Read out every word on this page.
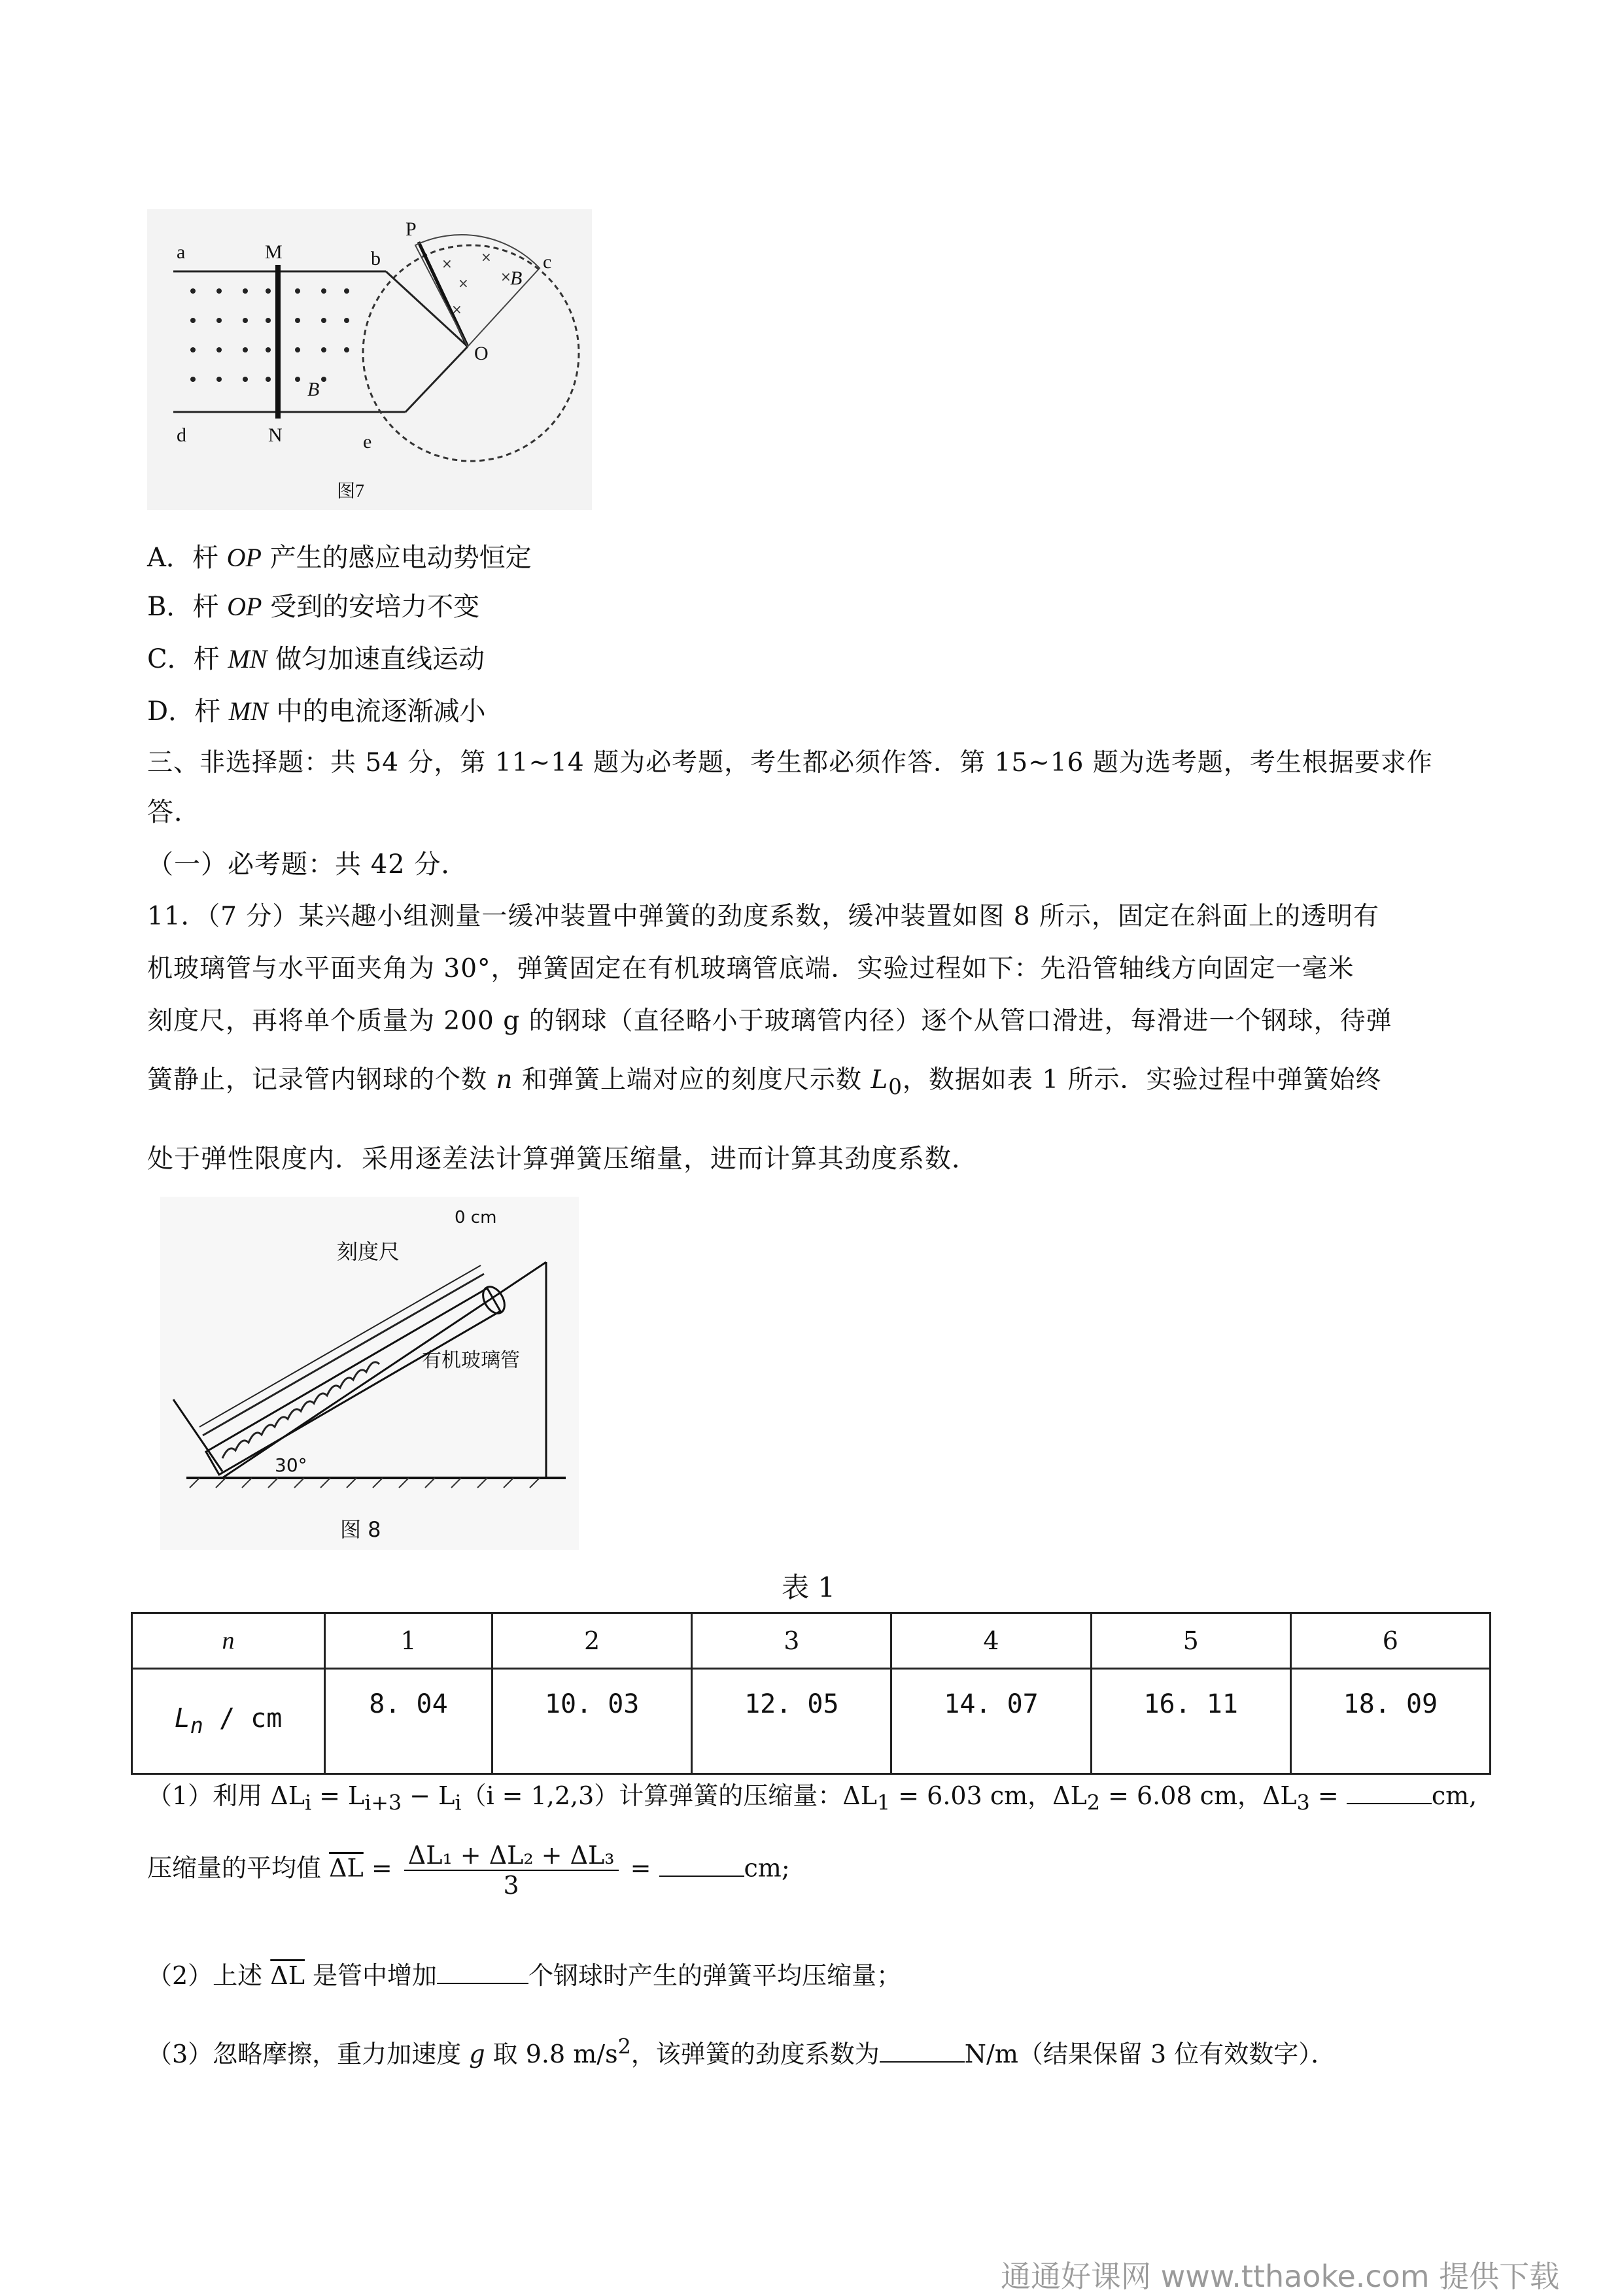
×
×
×
×
×
a	M
d	N
b
P
c
O
e
B
B
图7
A．杆 OP 产生的感应电动势恒定
B．杆 OP 受到的安培力不变
C．杆 MN 做匀加速直线运动
D．杆 MN 中的电流逐渐减小
三、非选择题：共 54 分，第 11~14 题为必考题，考生都必须作答．第 15~16 题为选考题，考生根据要求作
答．
（一）必考题：共 42 分．
11．（7 分）某兴趣小组测量一缓冲装置中弹簧的劲度系数，缓冲装置如图 8 所示，固定在斜面上的透明有
机玻璃管与水平面夹角为 30°，弹簧固定在有机玻璃管底端．实验过程如下：先沿管轴线方向固定一毫米
刻度尺，再将单个质量为 200 g 的钢球（直径略小于玻璃管内径）逐个从管口滑进，每滑进一个钢球，待弹
簧静止，记录管内钢球的个数 n 和弹簧上端对应的刻度尺示数 $L_0$，数据如表 1 所示．实验过程中弹簧始终
处于弹性限度内．采用逐差法计算弹簧压缩量，进而计算其劲度系数．
刻度尺
有机玻璃管
30°
0 cm
图 8
表 1
n	1	2	3	4	5	6
$L_n$ / cm	8. 04	10. 03	12. 05	14. 07	16. 11	18. 09
（1）利用 $\Delta L_i = L_{i+3} - L_i(i = 1,2,3)$计算弹簧的压缩量：$\Delta L_1 = 6.03$ cm，$\Delta L_2 = 6.08$ cm，$\Delta L_3$ =	cm,
压缩量的平均值 $\overline{\Delta L} = \frac{\text{ΔL₁ + ΔL₂ + ΔL₃}}{3}$ =	cm;
（2）上述 $\overline{\Delta L}$ 是管中增加	个钢球时产生的弹簧平均压缩量；
（3）忽略摩擦，重力加速度 g 取 9.8 $m/s^2$，该弹簧的劲度系数为	N/m（结果保留 3 位有效数字）．
通通好课网 www.tthaoke.com 提供下载
